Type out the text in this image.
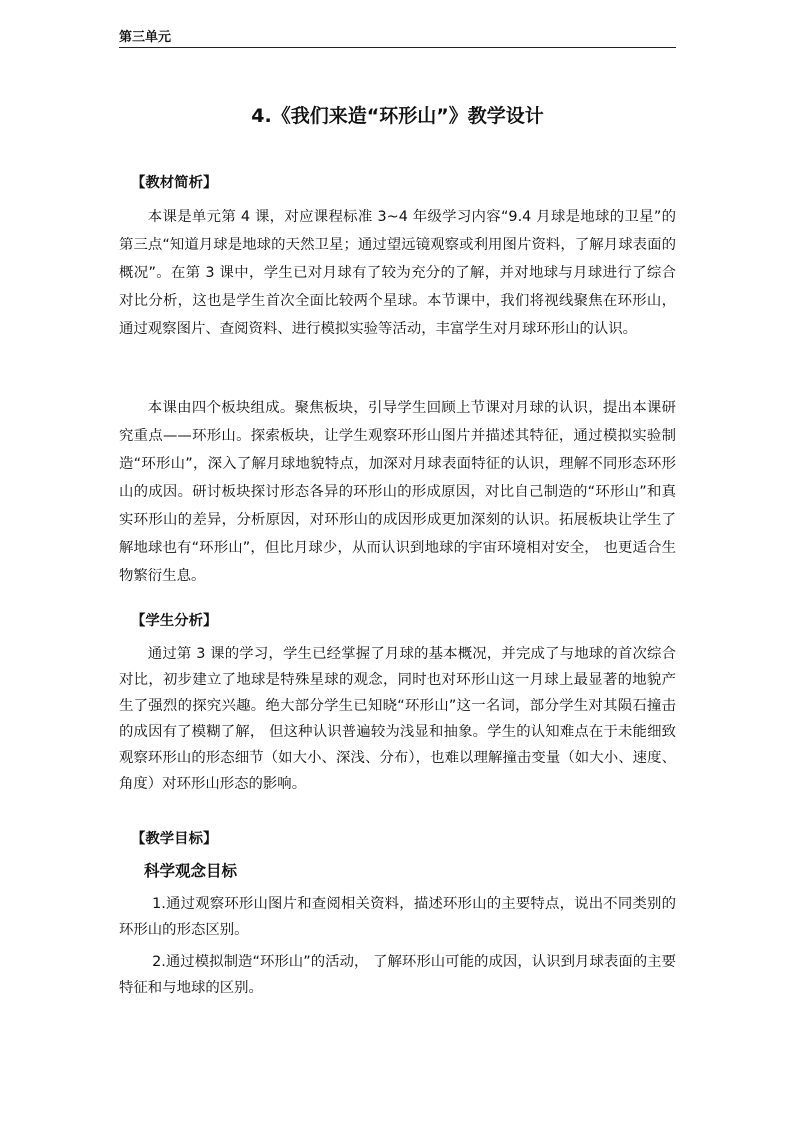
第三单元
4.《我们来造“环形山”》教学设计
【教材简析】

本课是单元第 4 课，对应课程标准 3~4 年级学习内容“9.4 月球是地球的卫星”的第三点“知道月球是地球的天然卫星；通过望远镜观察或利用图片资料，了解月球表面的概况”。在第 3 课中，学生已对月球有了较为充分的了解，并对地球与月球进行了综合对比分析，这也是学生首次全面比较两个星球。本节课中，我们将视线聚焦在环形山，通过观察图片、查阅资料、进行模拟实验等活动，丰富学生对月球环形山的认识。

本课由四个板块组成。聚焦板块，引导学生回顾上节课对月球的认识，提出本课研究重点——环形山。探索板块，让学生观察环形山图片并描述其特征，通过模拟实验制造“环形山”，深入了解月球地貌特点，加深对月球表面特征的认识，理解不同形态环形山的成因。研讨板块探讨形态各异的环形山的形成原因，对比自己制造的“环形山”和真实环形山的差异，分析原因，对环形山的成因形成更加深刻的认识。拓展板块让学生了解地球也有“环形山”，但比月球少，从而认识到地球的宇宙环境相对安全， 也更适合生物繁衍生息。

【学生分析】

通过第 3 课的学习，学生已经掌握了月球的基本概况，并完成了与地球的首次综合对比，初步建立了地球是特殊星球的观念，同时也对环形山这一月球上最显著的地貌产生了强烈的探究兴趣。绝大部分学生已知晓“环形山”这一名词，部分学生对其陨石撞击的成因有了模糊了解， 但这种认识普遍较为浅显和抽象。学生的认知难点在于未能细致观察环形山的形态细节（如大小、深浅、分布），也难以理解撞击变量（如大小、速度、角度）对环形山形态的影响。

【教学目标】
科学观念目标

1.通过观察环形山图片和查阅相关资料，描述环形山的主要特点，说出不同类别的环形山的形态区别。

2.通过模拟制造“环形山”的活动， 了解环形山可能的成因，认识到月球表面的主要特征和与地球的区别。
